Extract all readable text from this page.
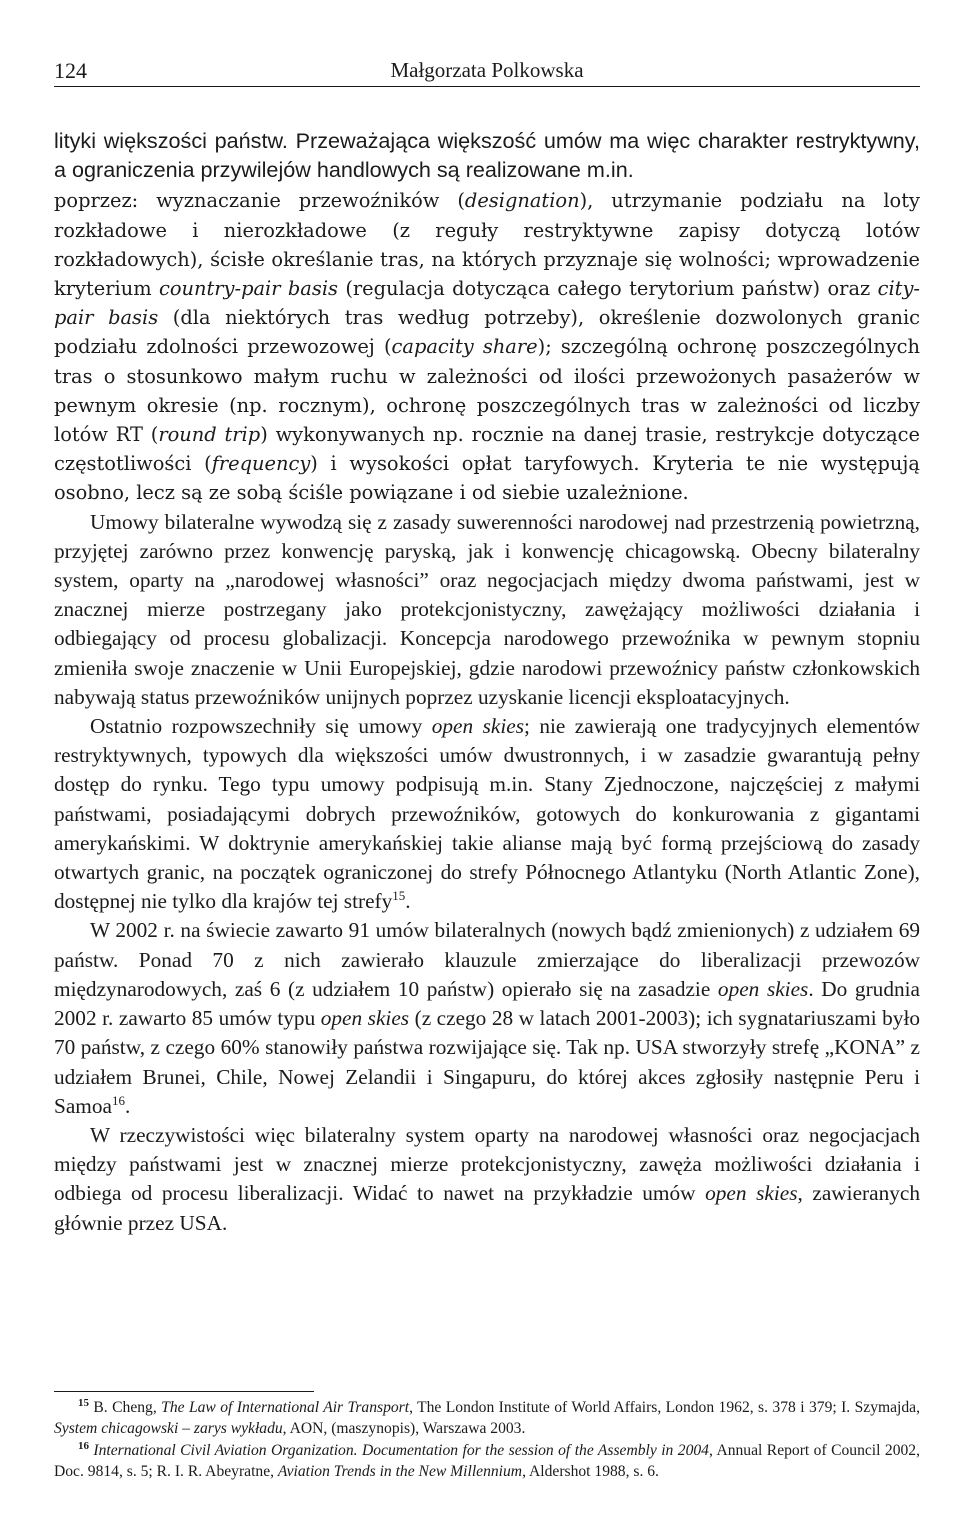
124	Małgorzata Polkowska

lityki większości państw. Przeważająca większość umów ma więc charakter restryktywny, a ograniczenia przywilejów handlowych są realizowane m.in.

poprzez: wyznaczanie przewoźników (designation), utrzymanie podziału na loty rozkładowe i nierozkładowe (z reguły restryktywne zapisy dotyczą lotów rozkładowych), ścisłe określanie tras, na których przyznaje się wolności; wprowadzenie kryterium country-pair basis (regulacja dotycząca całego terytorium państw) oraz city-pair basis (dla niektórych tras według potrzeby), określenie dozwolonych granic podziału zdolności przewozowej (capacity share); szczególną ochronę poszczególnych tras o stosunkowo małym ruchu w zależności od ilości przewożonych pasażerów w pewnym okresie (np. rocznym), ochronę poszczególnych tras w zależności od liczby lotów RT (round trip) wykonywanych np. rocznie na danej trasie, restrykcje dotyczące częstotliwości (frequency) i wysokości opłat taryfowych. Kryteria te nie występują osobno, lecz są ze sobą ściśle powiązane i od siebie uzależnione.

Umowy bilateralne wywodzą się z zasady suwerenności narodowej nad przestrzenią powietrzną, przyjętej zarówno przez konwencję paryską, jak i konwencję chicagowską. Obecny bilateralny system, oparty na „narodowej własności” oraz negocjacjach między dwoma państwami, jest w znacznej mierze postrzegany jako protekcjonistyczny, zawężający możliwości działania i odbiegający od procesu globalizacji. Koncepcja narodowego przewoźnika w pewnym stopniu zmieniła swoje znaczenie w Unii Europejskiej, gdzie narodowi przewoźnicy państw członkowskich nabywają status przewoźników unijnych poprzez uzyskanie licencji eksploatacyjnych.

Ostatnio rozpowszechniły się umowy open skies; nie zawierają one tradycyjnych elementów restryktywnych, typowych dla większości umów dwustronnych, i w zasadzie gwarantują pełny dostęp do rynku. Tego typu umowy podpisują m.in. Stany Zjednoczone, najczęściej z małymi państwami, posiadającymi dobrych przewoźników, gotowych do konkurowania z gigantami amerykańskimi. W doktrynie amerykańskiej takie alianse mają być formą przejściową do zasady otwartych granic, na początek ograniczonej do strefy Północnego Atlantyku (North Atlantic Zone), dostępnej nie tylko dla krajów tej strefy$^{15}$.

W 2002 r. na świecie zawarto 91 umów bilateralnych (nowych bądź zmienionych) z udziałem 69 państw. Ponad 70 z nich zawierało klauzule zmierzające do liberalizacji przewozów międzynarodowych, zaś 6 (z udziałem 10 państw) opierało się na zasadzie open skies. Do grudnia 2002 r. zawarto 85 umów typu open skies (z czego 28 w latach 2001-2003); ich sygnatariuszami było 70 państw, z czego 60% stanowiły państwa rozwijające się. Tak np. USA stworzyły strefę „KONA” z udziałem Brunei, Chile, Nowej Zelandii i Singapuru, do której akces zgłosiły następnie Peru i Samoa$^{16}$.

W rzeczywistości więc bilateralny system oparty na narodowej własności oraz negocjacjach między państwami jest w znacznej mierze protekcjonistyczny, zawęża możliwości działania i odbiega od procesu liberalizacji. Widać to nawet na przykładzie umów open skies, zawieranych głównie przez USA.

$^{15}$ B. Cheng, The Law of International Air Transport, The London Institute of World Affairs, London 1962, s. 378 i 379; I. Szymajda, System chicagowski – zarys wykładu, AON, (maszynopis), Warszawa 2003.

$^{16}$ International Civil Aviation Organization. Documentation for the session of the Assembly in 2004, Annual Report of Council 2002, Doc. 9814, s. 5; R. I. R. Abeyratne, Aviation Trends in the New Millennium, Aldershot 1988, s. 6.
